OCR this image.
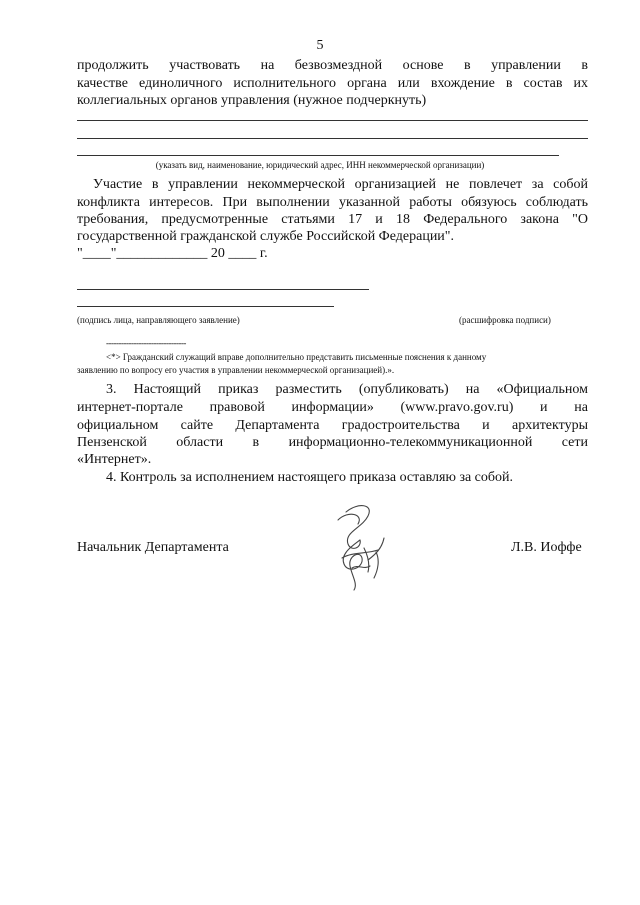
5
продолжить участвовать на безвозмездной основе в управлении в
качестве единоличного исполнительного органа или вхождение в состав их
коллегиальных органов управления (нужное подчеркнуть)
(указать вид, наименование, юридический адрес, ИНН некоммерческой организации)
Участие в управлении некоммерческой организацией не повлечет за собой
конфликта интересов. При выполнении указанной работы обязуюсь соблюдать
требования, предусмотренные статьями 17 и 18 Федерального закона "О
государственной гражданской службе Российской Федерации".
"____"_____________ 20 ____ г.
(подпись лица, направляющего заявление)	(расшифровка подписи)
--------------------------------
<*> Гражданский служащий вправе дополнительно представить письменные пояснения к данному
заявлению по вопросу его участия в управлении некоммерческой организацией).».
3. Настоящий приказ разместить (опубликовать) на «Официальном
интернет-портале правовой информации» (www.pravo.gov.ru) и на
официальном сайте Департамента градостроительства и архитектуры
Пензенской области в информационно-телекоммуникационной сети
«Интернет».
4. Контроль за исполнением настоящего приказа оставляю за собой.
Начальник Департамента	Л.В. Иоффе
